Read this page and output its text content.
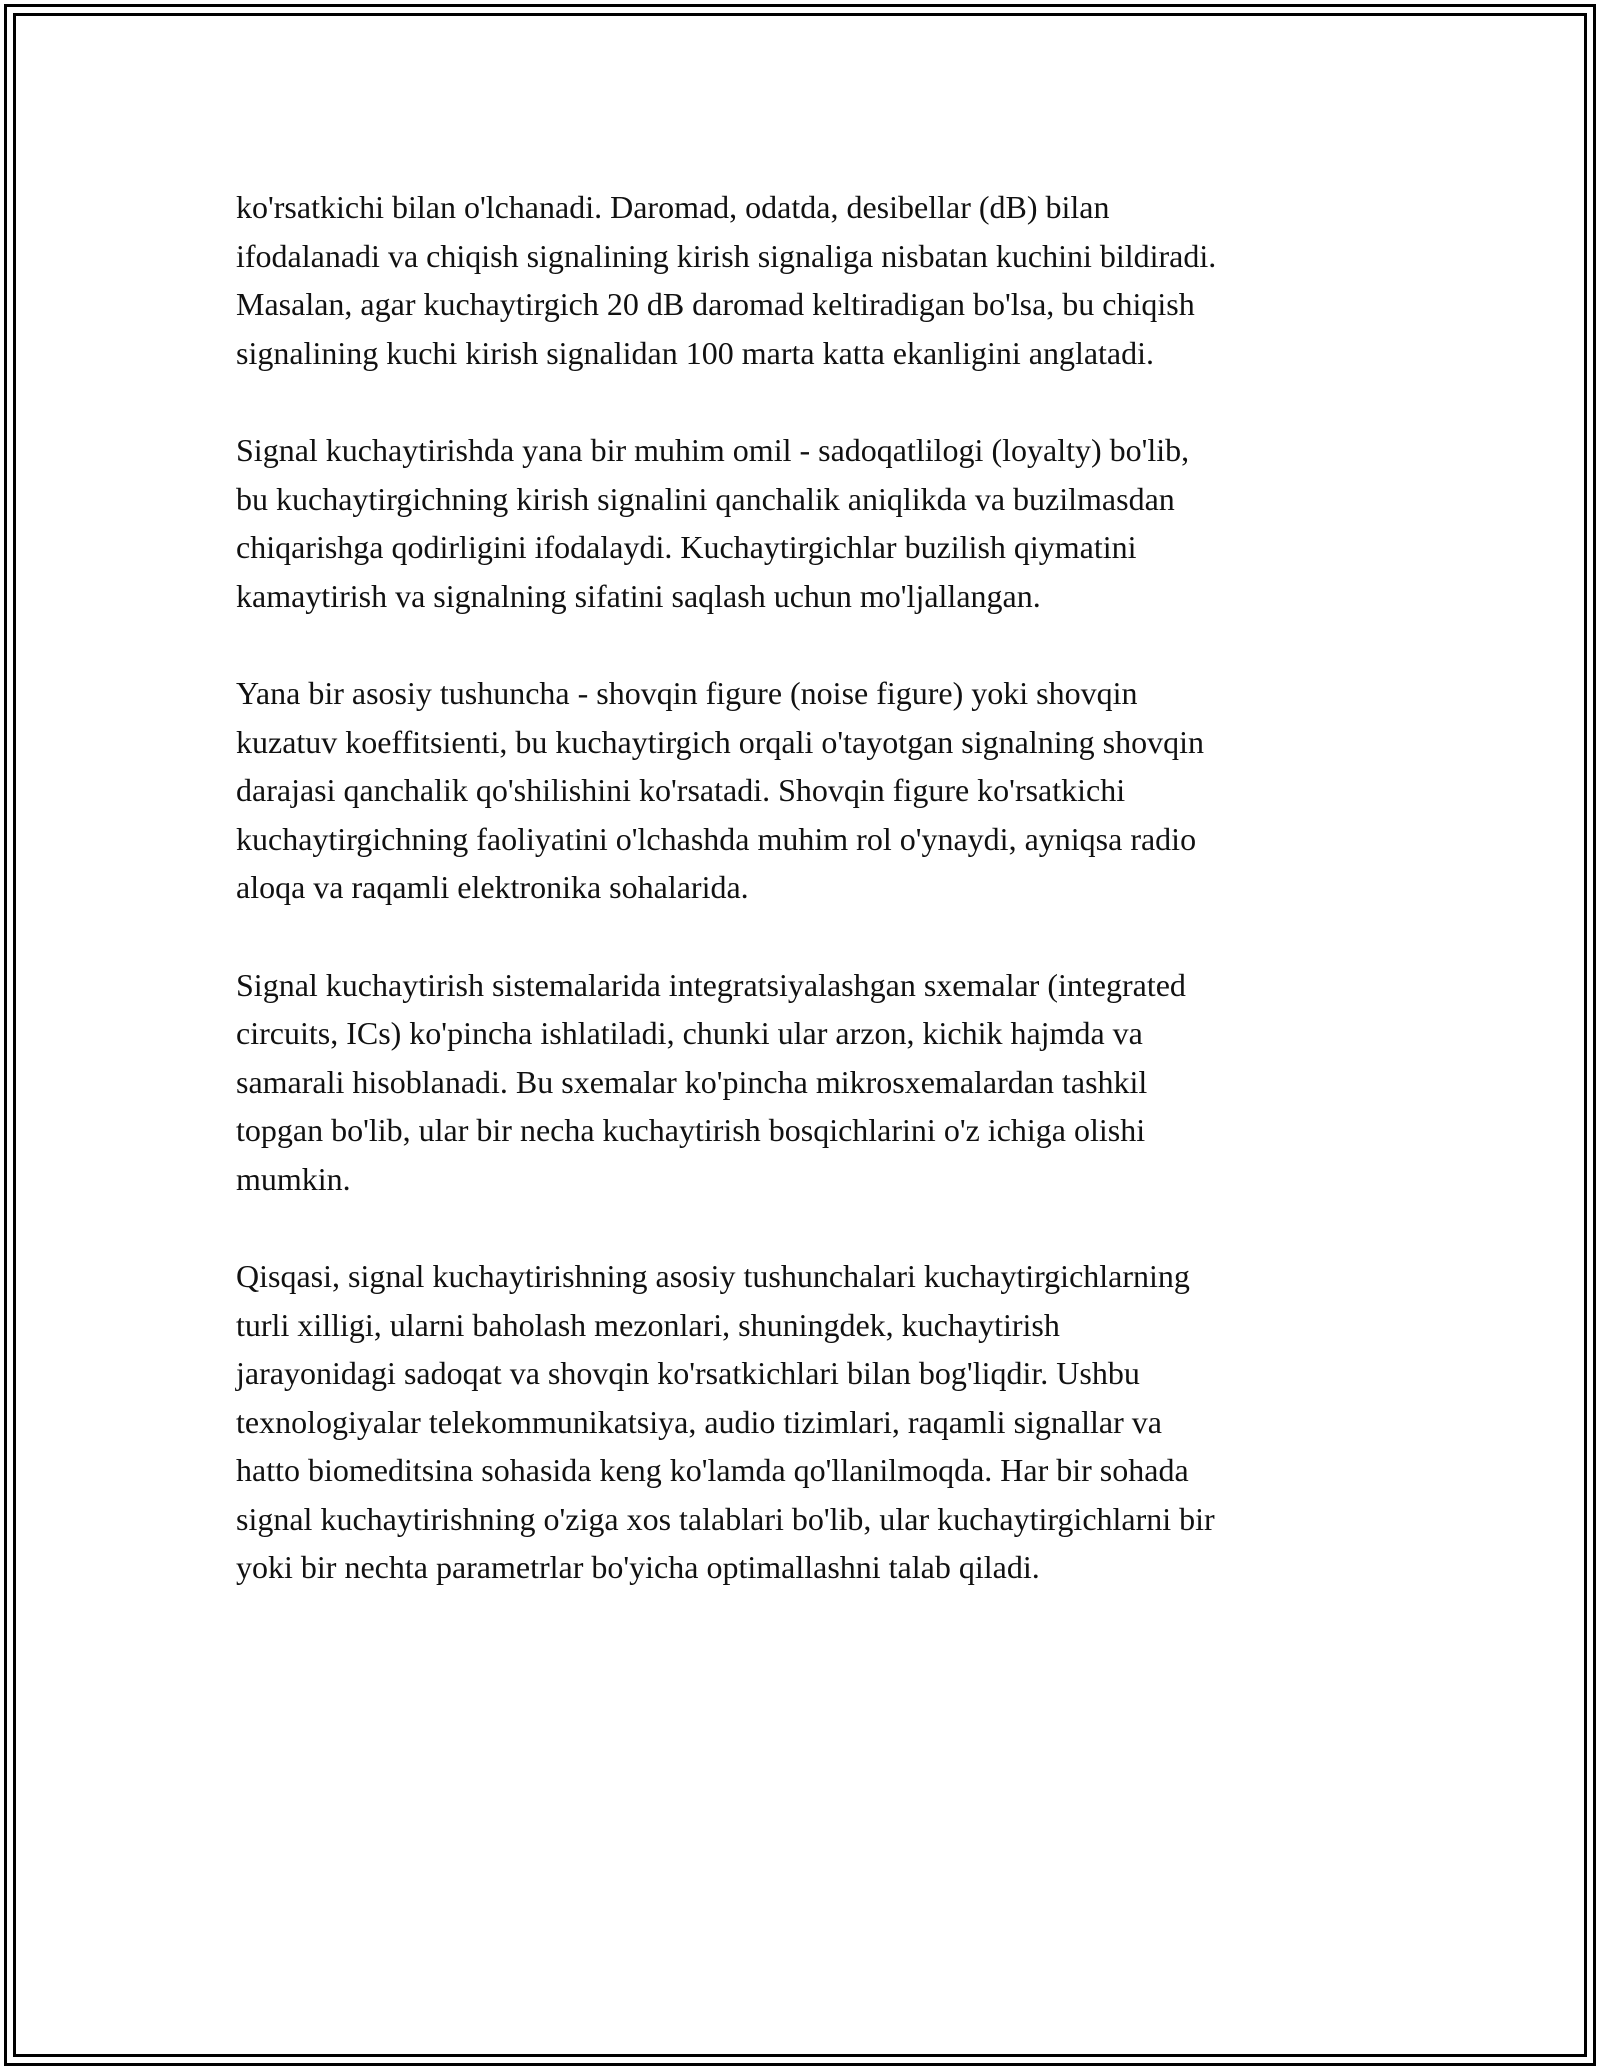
ko'rsatkichi bilan o'lchanadi. Daromad, odatda, desibellar (dB) bilan
ifodalanadi va chiqish signalining kirish signaliga nisbatan kuchini bildiradi.
Masalan, agar kuchaytirgich 20 dB daromad keltiradigan bo'lsa, bu chiqish
signalining kuchi kirish signalidan 100 marta katta ekanligini anglatadi.

Signal kuchaytirishda yana bir muhim omil - sadoqatlilogi (loyalty) bo'lib,
bu kuchaytirgichning kirish signalini qanchalik aniqlikda va buzilmasdan
chiqarishga qodirligini ifodalaydi. Kuchaytirgichlar buzilish qiymatini
kamaytirish va signalning sifatini saqlash uchun mo'ljallangan.

Yana bir asosiy tushuncha - shovqin figure (noise figure) yoki shovqin
kuzatuv koeffitsienti, bu kuchaytirgich orqali o'tayotgan signalning shovqin
darajasi qanchalik qo'shilishini ko'rsatadi. Shovqin figure ko'rsatkichi
kuchaytirgichning faoliyatini o'lchashda muhim rol o'ynaydi, ayniqsa radio
aloqa va raqamli elektronika sohalarida.

Signal kuchaytirish sistemalarida integratsiyalashgan sxemalar (integrated
circuits, ICs) ko'pincha ishlatiladi, chunki ular arzon, kichik hajmda va
samarali hisoblanadi. Bu sxemalar ko'pincha mikrosxemalardan tashkil
topgan bo'lib, ular bir necha kuchaytirish bosqichlarini o'z ichiga olishi
mumkin.

Qisqasi, signal kuchaytirishning asosiy tushunchalari kuchaytirgichlarning
turli xilligi, ularni baholash mezonlari, shuningdek, kuchaytirish
jarayonidagi sadoqat va shovqin ko'rsatkichlari bilan bog'liqdir. Ushbu
texnologiyalar telekommunikatsiya, audio tizimlari, raqamli signallar va
hatto biomeditsina sohasida keng ko'lamda qo'llanilmoqda. Har bir sohada
signal kuchaytirishning o'ziga xos talablari bo'lib, ular kuchaytirgichlarni bir
yoki bir nechta parametrlar bo'yicha optimallashni talab qiladi.
